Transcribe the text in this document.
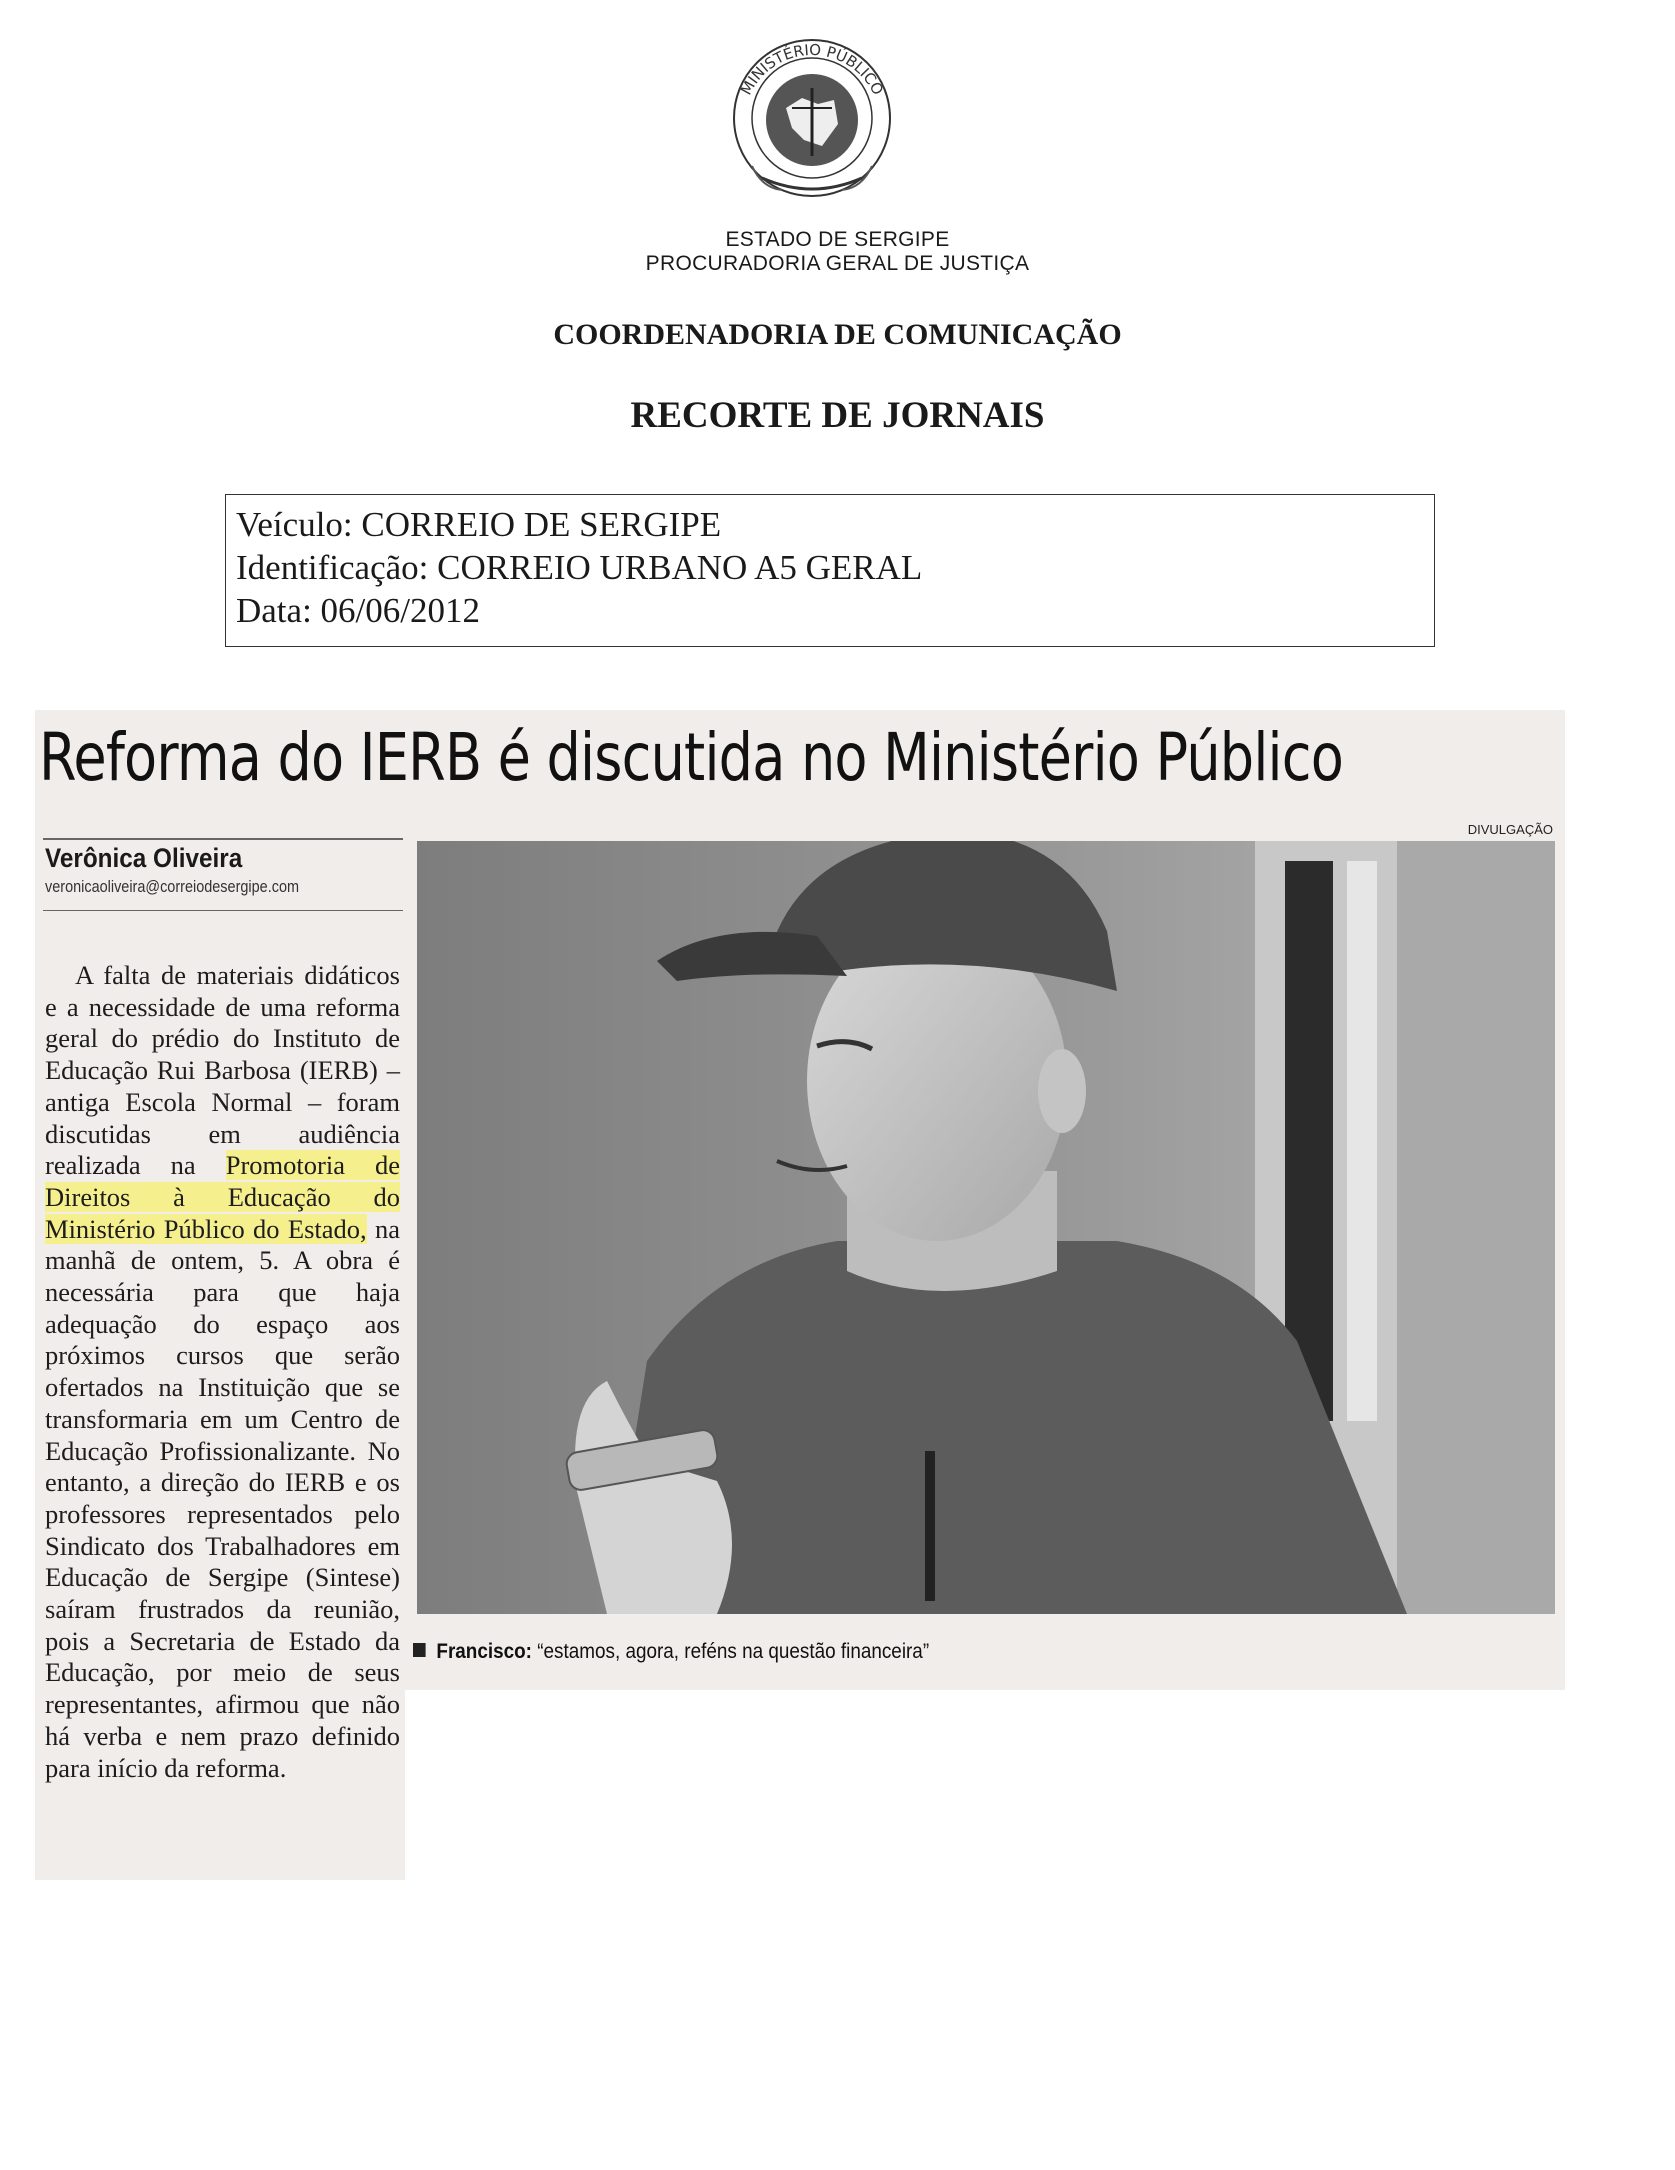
MINISTÉRIO PÚBLICO
ESTADO DE SERGIPE
PROCURADORIA GERAL DE JUSTIÇA
COORDENADORIA DE COMUNICAÇÃO
RECORTE DE JORNAIS
Veículo: CORREIO DE SERGIPE
Identificação: CORREIO URBANO A5 GERAL
Data: 06/06/2012
Reforma do IERB é discutida no Ministério Público
Verônica Oliveira
veronicaoliveira@correiodesergipe.com
A falta de materiais didáticos e a necessidade de uma reforma geral do prédio do Instituto de Educação Rui Barbosa (IERB) – antiga Escola Normal – foram discutidas em audiência realizada na Promotoria de Direitos à Educação do Ministério Público do Estado, na manhã de ontem, 5. A obra é necessária para que haja adequação do espaço aos próximos cursos que serão ofertados na Instituição que se transformaria em um Centro de Educação Profissionalizante. No entanto, a direção do IERB e os professores representados pelo Sindicato dos Trabalhadores em Educação de Sergipe (Sintese) saíram frustrados da reunião, pois a Secretaria de Estado da Educação, por meio de seus representantes, afirmou que não há verba e nem prazo definido para início da reforma.
DIVULGAÇÃO
Francisco: “estamos, agora, reféns na questão financeira”
